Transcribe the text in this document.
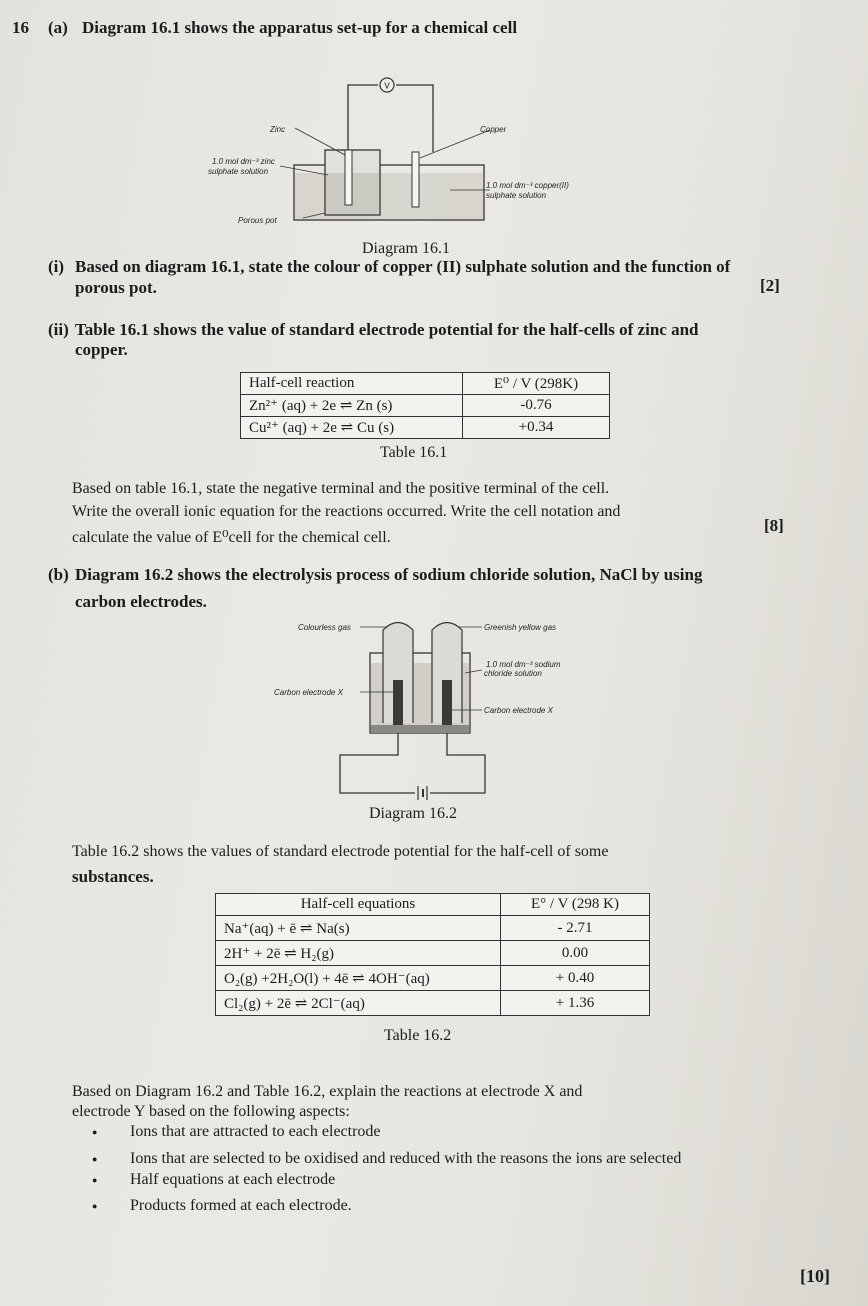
16 (a) Diagram 16.1 shows the apparatus set-up for a chemical cell
V
Zinc	Copper
1.0 mol dm⁻³ zinc
sulphate solution
1.0 mol dm⁻³ copper(II)
sulphate solution
Porous pot
Diagram 16.1
(i) Based on diagram 16.1, state the colour of copper (II) sulphate solution and the function of
porous pot.	[2]
(ii) Table 16.1 shows the value of standard electrode potential for the half-cells of zinc and
copper.
Half-cell reaction	E⁰ / V (298K)
Zn²⁺ (aq) + 2e ⇌ Zn (s)	-0.76
Cu²⁺ (aq) + 2e ⇌ Cu (s)	+0.34
Table 16.1
Based on table 16.1, state the negative terminal and the positive terminal of the cell.
Write the overall ionic equation for the reactions occurred. Write the cell notation and
calculate the value of E⁰cell for the chemical cell.
[8]
(b) Diagram 16.2 shows the electrolysis process of sodium chloride solution, NaCl by using
carbon electrodes.
Colourless gas	Greenish yellow gas
1.0 mol dm⁻³ sodium
chloride solution
Carbon electrode X
Carbon electrode X
Diagram 16.2
Table 16.2 shows the values of standard electrode potential for the half-cell of some
substances.
Half-cell equations	E° / V (298 K)
Na⁺(aq) + ē ⇌ Na(s)	- 2.71
2H⁺ + 2ē ⇌ H₂(g)	0.00
O₂(g) +2H₂O(l) + 4ē ⇌ 4OH⁻(aq)	+ 0.40
Cl₂(g) + 2ē ⇌ 2Cl⁻(aq)	+ 1.36
Table 16.2
Based on Diagram 16.2 and Table 16.2, explain the reactions at electrode X and
electrode Y based on the following aspects:
● Ions that are attracted to each electrode
● Ions that are selected to be oxidised and reduced with the reasons the ions are selected
● Half equations at each electrode
● Products formed at each electrode.
[10]
